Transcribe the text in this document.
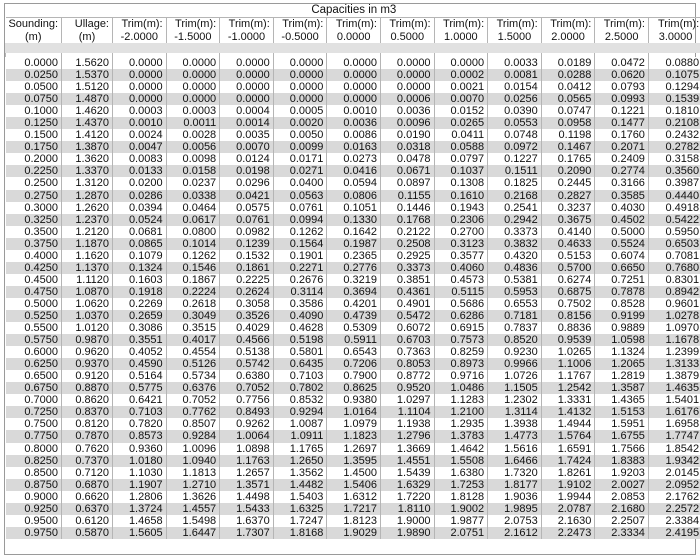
Capacities in m3												
Sounding:	Ullage:	Trim(m):	Trim(m):	Trim(m):	Trim(m):	Trim(m):	Trim(m):	Trim(m):	Trim(m):	Trim(m):	Trim(m):	Trim(m):
(m)	(m)	-2.0000	-1.5000	-1.0000	-0.5000	0.0000	0.5000	1.0000	1.5000	2.0000	2.5000	3.0000

0.0000	1.5620	0.0000	0.0000	0.0000	0.0000	0.0000	0.0000	0.0000	0.0033	0.0189	0.0472	0.0880
0.0250	1.5370	0.0000	0.0000	0.0000	0.0000	0.0000	0.0000	0.0002	0.0081	0.0288	0.0620	0.1075
0.0500	1.5120	0.0000	0.0000	0.0000	0.0000	0.0000	0.0000	0.0021	0.0154	0.0412	0.0793	0.1294
0.0750	1.4870	0.0000	0.0000	0.0000	0.0000	0.0000	0.0006	0.0070	0.0256	0.0565	0.0993	0.1539
0.1000	1.4620	0.0003	0.0003	0.0004	0.0005	0.0010	0.0036	0.0152	0.0390	0.0747	0.1221	0.1810
0.1250	1.4370	0.0010	0.0011	0.0014	0.0020	0.0036	0.0096	0.0265	0.0553	0.0958	0.1477	0.2108
0.1500	1.4120	0.0024	0.0028	0.0035	0.0050	0.0086	0.0190	0.0411	0.0748	0.1198	0.1760	0.2432
0.1750	1.3870	0.0047	0.0056	0.0070	0.0099	0.0163	0.0318	0.0588	0.0972	0.1467	0.2071	0.2782
0.2000	1.3620	0.0083	0.0098	0.0124	0.0171	0.0273	0.0478	0.0797	0.1227	0.1765	0.2409	0.3158
0.2250	1.3370	0.0133	0.0158	0.0198	0.0271	0.0416	0.0671	0.1037	0.1511	0.2090	0.2774	0.3560
0.2500	1.3120	0.0200	0.0237	0.0296	0.0400	0.0594	0.0897	0.1308	0.1825	0.2445	0.3166	0.3987
0.2750	1.2870	0.0286	0.0338	0.0421	0.0563	0.0806	0.1155	0.1610	0.2168	0.2827	0.3585	0.4440
0.3000	1.2620	0.0394	0.0464	0.0575	0.0761	0.1051	0.1446	0.1943	0.2541	0.3237	0.4030	0.4918
0.3250	1.2370	0.0524	0.0617	0.0761	0.0994	0.1330	0.1768	0.2306	0.2942	0.3675	0.4502	0.5422
0.3500	1.2120	0.0681	0.0800	0.0982	0.1262	0.1642	0.2122	0.2700	0.3373	0.4140	0.5000	0.5950
0.3750	1.1870	0.0865	0.1014	0.1239	0.1564	0.1987	0.2508	0.3123	0.3832	0.4633	0.5524	0.6503
0.4000	1.1620	0.1079	0.1262	0.1532	0.1901	0.2365	0.2925	0.3577	0.4320	0.5153	0.6074	0.7081
0.4250	1.1370	0.1324	0.1546	0.1861	0.2271	0.2776	0.3373	0.4060	0.4836	0.5700	0.6650	0.7680
0.4500	1.1120	0.1603	0.1867	0.2225	0.2676	0.3219	0.3851	0.4573	0.5381	0.6274	0.7251	0.8301
0.4750	1.0870	0.1918	0.2224	0.2624	0.3114	0.3694	0.4361	0.5115	0.5953	0.6875	0.7878	0.8942
0.5000	1.0620	0.2269	0.2618	0.3058	0.3586	0.4201	0.4901	0.5686	0.6553	0.7502	0.8528	0.9601
0.5250	1.0370	0.2659	0.3049	0.3526	0.4090	0.4739	0.5472	0.6286	0.7181	0.8156	0.9199	1.0278
0.5500	1.0120	0.3086	0.3515	0.4029	0.4628	0.5309	0.6072	0.6915	0.7837	0.8836	0.9889	1.0970
0.5750	0.9870	0.3551	0.4017	0.4566	0.5198	0.5911	0.6703	0.7573	0.8520	0.9539	1.0598	1.1678
0.6000	0.9620	0.4052	0.4554	0.5138	0.5801	0.6543	0.7363	0.8259	0.9230	1.0265	1.1324	1.2399
0.6250	0.9370	0.4590	0.5126	0.5742	0.6435	0.7206	0.8053	0.8973	0.9966	1.1006	1.2065	1.3133
0.6500	0.9120	0.5164	0.5734	0.6380	0.7103	0.7900	0.8772	0.9716	1.0726	1.1767	1.2819	1.3879
0.6750	0.8870	0.5775	0.6376	0.7052	0.7802	0.8625	0.9520	1.0486	1.1505	1.2542	1.3587	1.4635
0.7000	0.8620	0.6421	0.7052	0.7756	0.8532	0.9380	1.0297	1.1283	1.2302	1.3331	1.4365	1.5401
0.7250	0.8370	0.7103	0.7762	0.8493	0.9294	1.0164	1.1104	1.2100	1.3114	1.4132	1.5153	1.6176
0.7500	0.8120	0.7820	0.8507	0.9262	1.0087	1.0979	1.1938	1.2935	1.3938	1.4944	1.5951	1.6958
0.7750	0.7870	0.8573	0.9284	1.0064	1.0911	1.1823	1.2796	1.3783	1.4773	1.5764	1.6755	1.7747
0.8000	0.7620	0.9360	1.0096	1.0898	1.1765	1.2697	1.3669	1.4642	1.5616	1.6591	1.7566	1.8542
0.8250	0.7370	1.0180	1.0940	1.1763	1.2650	1.3595	1.4551	1.5508	1.6466	1.7424	1.8383	1.9342
0.8500	0.7120	1.1030	1.1813	1.2657	1.3562	1.4500	1.5439	1.6380	1.7320	1.8261	1.9203	2.0145
0.8750	0.6870	1.1907	1.2710	1.3571	1.4482	1.5406	1.6329	1.7253	1.8177	1.9102	2.0027	2.0952
0.9000	0.6620	1.2806	1.3626	1.4498	1.5403	1.6312	1.7220	1.8128	1.9036	1.9944	2.0853	2.1762
0.9250	0.6370	1.3724	1.4557	1.5433	1.6325	1.7217	1.8110	1.9002	1.9895	2.0787	2.1680	2.2572
0.9500	0.6120	1.4658	1.5498	1.6370	1.7247	1.8123	1.9000	1.9877	2.0753	2.1630	2.2507	2.3384
0.9750	0.5870	1.5605	1.6447	1.7307	1.8168	1.9029	1.9890	2.0751	2.1612	2.2473	2.3334	2.4195
